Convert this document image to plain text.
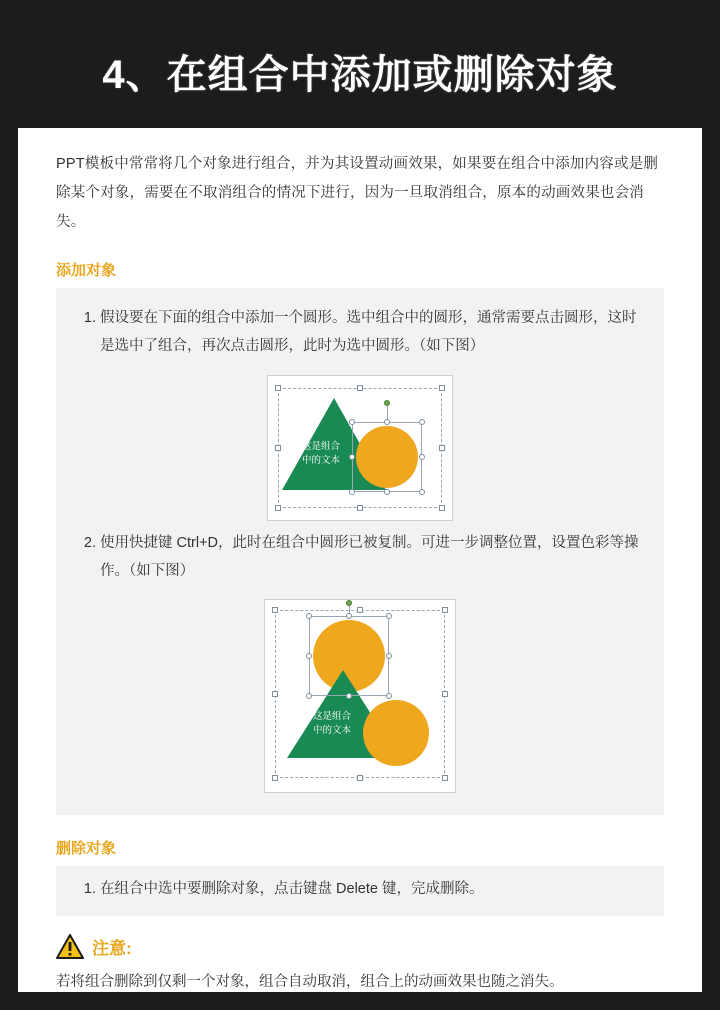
4、在组合中添加或删除对象
PPT模板中常常将几个对象进行组合，并为其设置动画效果，如果要在组合中添加内容或是删除某个对象，需要在不取消组合的情况下进行，因为一旦取消组合，原本的动画效果也会消失。
添加对象
1. 假设要在下面的组合中添加一个圆形。选中组合中的圆形，通常需要点击圆形，这时是选中了组合，再次点击圆形，此时为选中圆形。（如下图）
这是组合
中的文本
2. 使用快捷键 Ctrl+D，此时在组合中圆形已被复制。可进一步调整位置，设置色彩等操作。（如下图）
这是组合
中的文本
删除对象
1. 在组合中选中要删除对象，点击键盘 Delete 键，完成删除。
注意:
若将组合删除到仅剩一个对象，组合自动取消，组合上的动画效果也随之消失。
